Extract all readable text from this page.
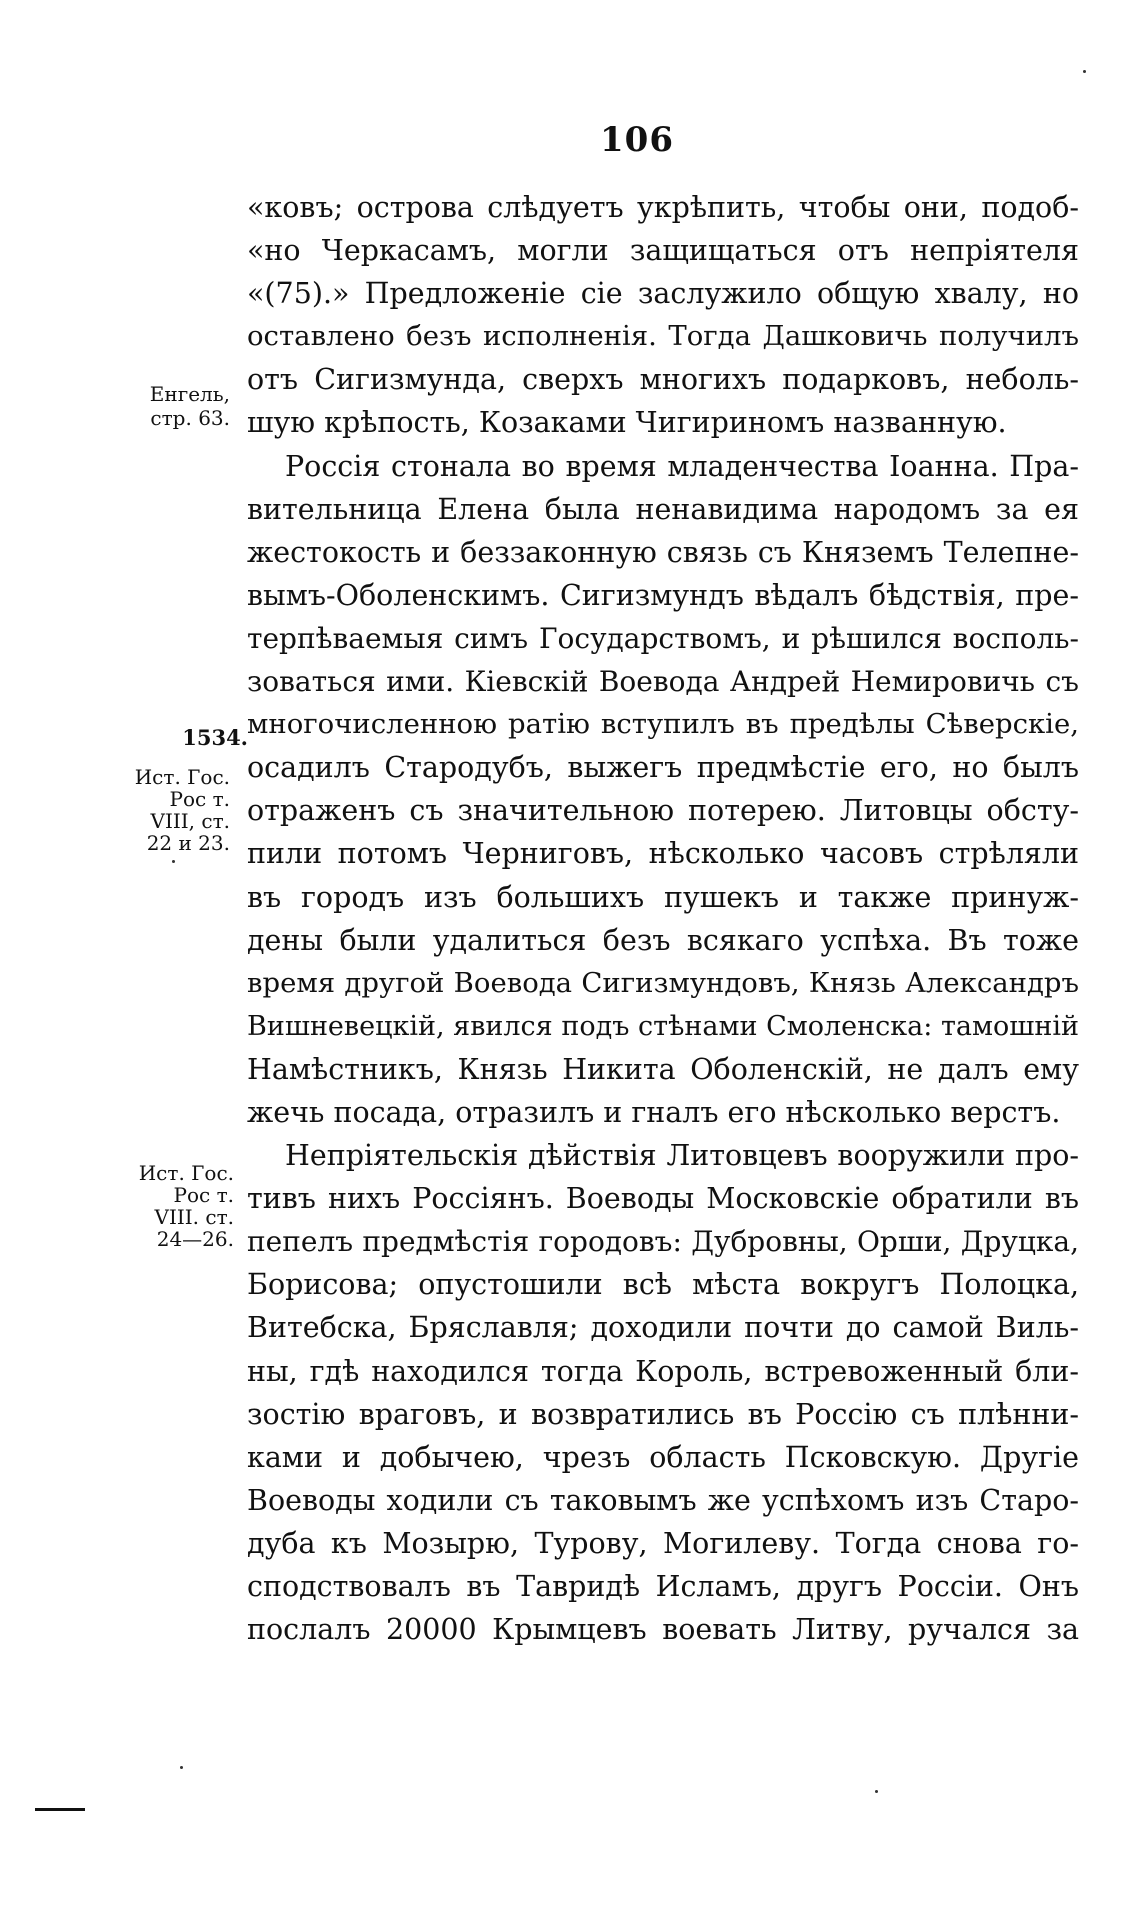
106
Енгель,
стр. 63.
1534.
Ист. Гос.
Рос т.
VIII, ст.
22 и 23.
Ист. Гос.
Рос т.
VIII. ст.
24—26.
«ковъ; острова слѣдуетъ укрѣпить, чтобы они, подоб-
«но Черкасамъ, могли защищаться отъ непріятеля
«(75).» Предложеніе сіе заслужило общую хвалу, но
оставлено безъ исполненія. Тогда Дашковичь получилъ
отъ Сигизмунда, сверхъ многихъ подарковъ, неболь-
шую крѣпость, Козаками Чигириномъ названную.
Россія стонала во время младенчества Іоанна. Пра-
вительница Елена была ненавидима народомъ за ея
жестокость и беззаконную связь съ Княземъ Телепне-
вымъ-Оболенскимъ. Сигизмундъ вѣдалъ бѣдствія, пре-
терпѣваемыя симъ Государствомъ, и рѣшился восполь-
зоваться ими. Кіевскій Воевода Андрей Немировичь съ
многочисленною ратію вступилъ въ предѣлы Сѣверскіе,
осадилъ Стародубъ, выжегъ предмѣстіе его, но былъ
отраженъ съ значительною потерею. Литовцы обсту-
пили потомъ Черниговъ, нѣсколько часовъ стрѣляли
въ городъ изъ большихъ пушекъ и также принуж-
дены были удалиться безъ всякаго успѣха. Въ тоже
время другой Воевода Сигизмундовъ, Князь Александръ
Вишневецкій, явился подъ стѣнами Смоленска: тамошній
Намѣстникъ, Князь Никита Оболенскій, не далъ ему
жечь посада, отразилъ и гналъ его нѣсколько верстъ.
Непріятельскія дѣйствія Литовцевъ вооружили про-
тивъ нихъ Россіянъ. Воеводы Московскіе обратили въ
пепелъ предмѣстія городовъ: Дубровны, Орши, Друцка,
Борисова; опустошили всѣ мѣста вокругъ Полоцка,
Витебска, Бряславля; доходили почти до самой Виль-
ны, гдѣ находился тогда Король, встревоженный бли-
зостію враговъ, и возвратились въ Россію съ плѣнни-
ками и добычею, чрезъ область Псковскую. Другіе
Воеводы ходили съ таковымъ же успѣхомъ изъ Старо-
дуба къ Мозырю, Турову, Могилеву. Тогда снова го-
сподствовалъ въ Тавридѣ Исламъ, другъ Россіи. Онъ
послалъ 20000 Крымцевъ воевать Литву, ручался за
